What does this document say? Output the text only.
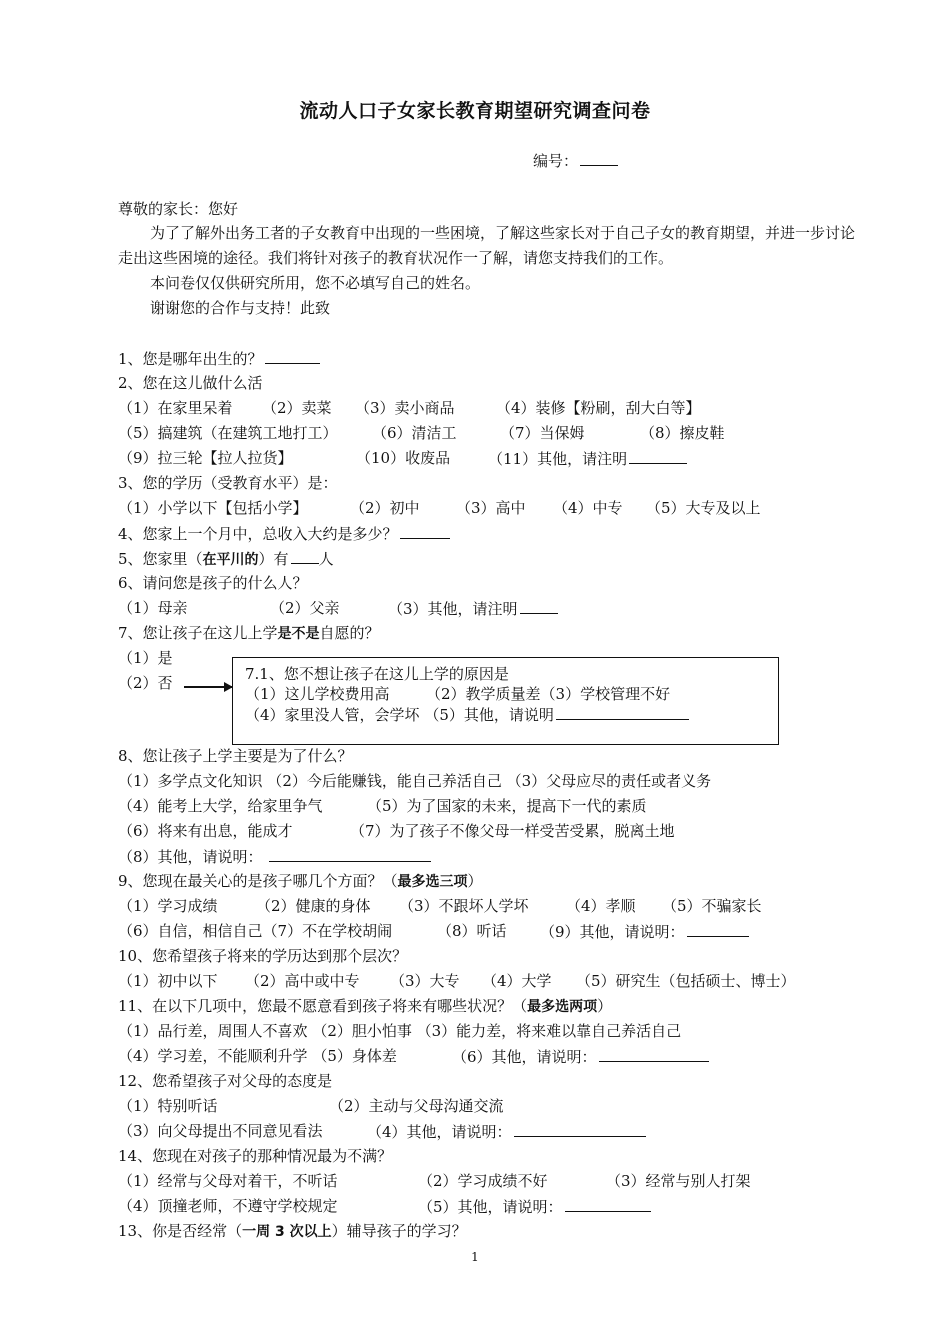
流动人口子女家长教育期望研究调查问卷
编号：
尊敬的家长：您好
为了了解外出务工者的子女教育中出现的一些困境，了解这些家长对于自己子女的教育期望，并进一步讨论走出这些困境的途径。我们将针对孩子的教育状况作一了解，请您支持我们的工作。
本问卷仅仅供研究所用，您不必填写自己的姓名。
谢谢您的合作与支持！此致
1、您是哪年出生的？
2、您在这儿做什么活
（1）在家里呆着 （2）卖菜 （3）卖小商品	（4）装修【粉刷，刮大白等】
（5）搞建筑（在建筑工地打工） （6）清洁工	（7）当保姆	（8）擦皮鞋
（9）拉三轮【拉人拉货】	（10）收废品	（11）其他，请注明
3、您的学历（受教育水平）是：
（1）小学以下【包括小学】	（2）初中 （3）高中 （4）中专 （5）大专及以上
4、您家上一个月中，总收入大约是多少？
5、您家里（在平川的）有 人
6、请问您是孩子的什么人？
（1）母亲	（2）父亲	（3）其他，请注明
7、您让孩子在这儿上学是不是自愿的？
（1）是
（2）否	7.1、您不想让孩子在这儿上学的原因是
（1）这儿学校费用高 （2）教学质量差（3）学校管理不好
（4）家里没人管，会学坏 （5）其他，请说明
8、您让孩子上学主要是为了什么？
（1）多学点文化知识 （2）今后能赚钱，能自己养活自己 （3）父母应尽的责任或者义务
（4）能考上大学，给家里争气	（5）为了国家的未来，提高下一代的素质
（6）将来有出息，能成才	（7）为了孩子不像父母一样受苦受累，脱离土地
（8）其他，请说明：
9、您现在最关心的是孩子哪几个方面？（最多选三项）
（1）学习成绩	（2）健康的身体 （3）不跟坏人学坏 （4）孝顺 （5）不骗家长
（6）自信，相信自己（7）不在学校胡闹	（8）听话 （9）其他，请说明：
10、您希望孩子将来的学历达到那个层次？
（1）初中以下 （2）高中或中专 （3）大专 （4）大学 （5）研究生（包括硕士、博士）
11、在以下几项中，您最不愿意看到孩子将来有哪些状况？（最多选两项）
（1）品行差，周围人不喜欢 （2）胆小怕事 （3）能力差，将来难以靠自己养活自己
（4）学习差，不能顺利升学 （5）身体差	（6）其他，请说明：
12、您希望孩子对父母的态度是
（1）特别听话	（2）主动与父母沟通交流
（3）向父母提出不同意见看法	（4）其他，请说明：
14、您现在对孩子的那种情况最为不满？
（1）经常与父母对着干，不听话	（2）学习成绩不好	（3）经常与别人打架
（4）顶撞老师，不遵守学校规定	（5）其他，请说明：
13、你是否经常（一周 3 次以上）辅导孩子的学习？
1
